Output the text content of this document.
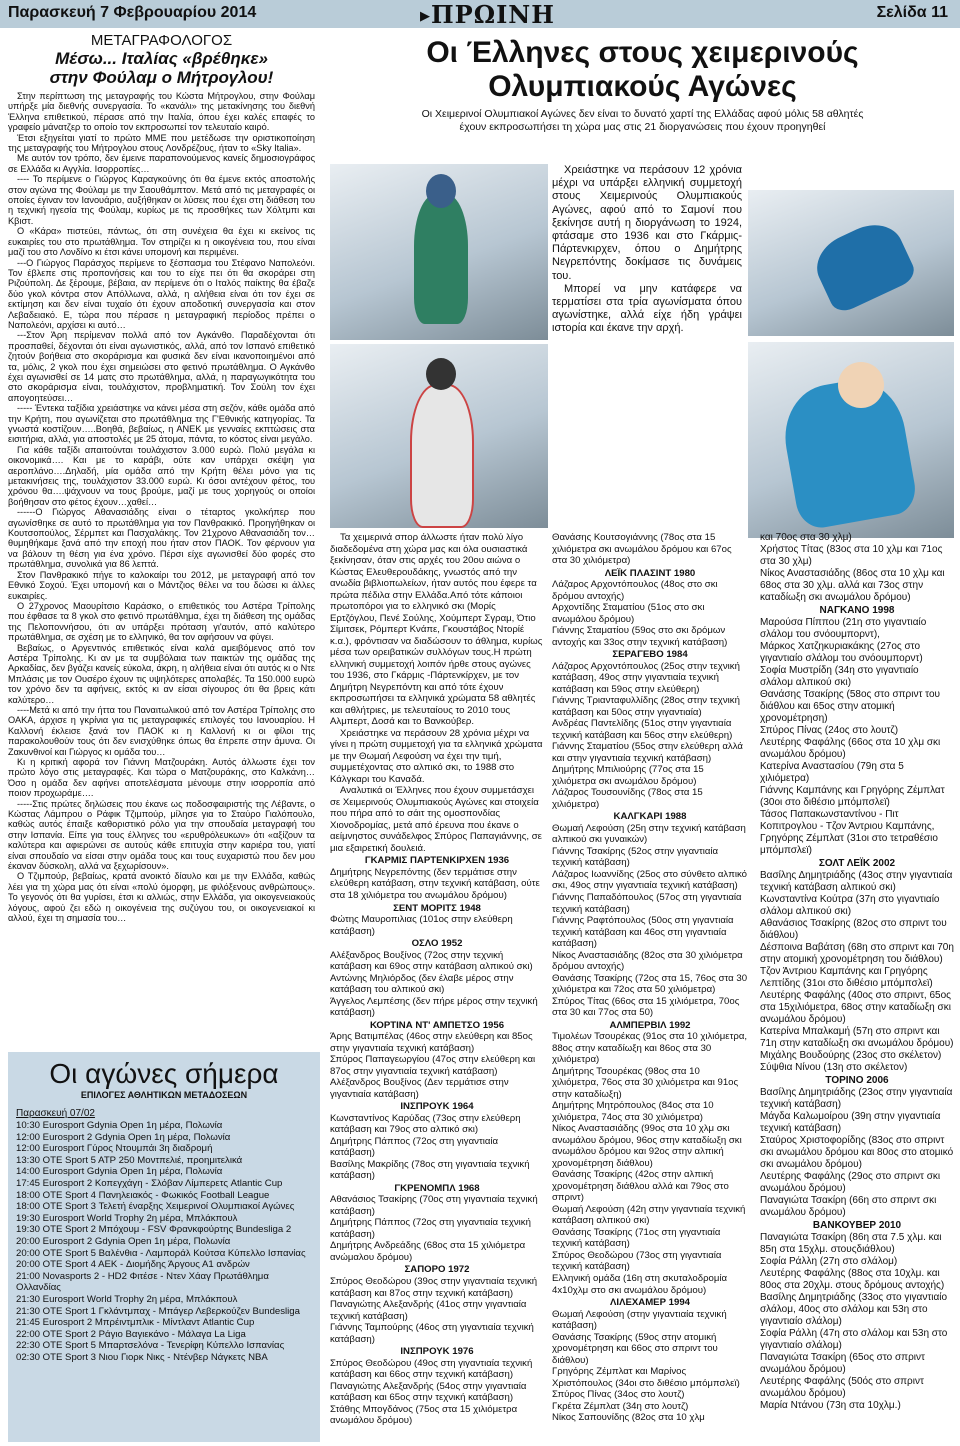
Παρασκευή 7 Φεβρουαρίου 2014	▶ΠΡΩΙΝΗ	Σελίδα 11
ΜΕΤΑΓΡΑΦΟΛΟΓΟΣ
Μέσω... Ιταλίας «βρέθηκε»
στην Φούλαμ ο Μήτρογλου!

Στην περίπτωση της μεταγραφής του Κώστα Μήτρογλου, στην Φούλαμ υπήρξε μία διεθνής συνεργασία. Το «κανάλι» της μετακίνησης του διεθνή Έλληνα επιθετικού, πέρασε από την Ιταλία, όπου έχει καλές επαφές το γραφείο μάνατζερ το οποίο τον εκπροσωπεί τον τελευταίο καιρό.

Έτσι εξηγείται γιατί το πρώτο ΜΜΕ που μετέδωσε την οριστικοποίηση της μεταγραφής του Μήτρογλου στους Λονδρέζους, ήταν το «Sky Italia».

Με αυτόν τον τρόπο, δεν έμεινε παραπονούμενος κανείς δημοσιογράφος σε Ελλάδα κι Αγγλία. Ισορροπίες…

---- Το περίμενε ο Γιώργος Καραγκούνης ότι θα έμενε εκτός αποστολής στον αγώνα της Φούλαμ με την Σαουθάμπτον. Μετά από τις μεταγραφές οι οποίες έγιναν τον Ιανουάριο, αυξήθηκαν οι λύσεις που έχει στη διάθεση του η τεχνική ηγεσία της Φούλαμ, κυρίως με τις προσθήκες των Χόλτμπι και Κβιστ.

Ο «Κάρα» πιστεύει, πάντως, ότι στη συνέχεια θα έχει κι εκείνος τις ευκαιρίες του στο πρωτάθλημα. Τον στηρίζει κι η οικογένεια του, που είναι μαζί του στο Λονδίνο κι έτσι κάνει υπομονή και περιμένει.

---Ο Γιώργος Παράσχος περίμενε το ξέσπασμα του Στέφανο Ναπολεόνι. Τον έβλεπε στις προπονήσεις και του το είχε πει ότι θα σκοράρει στη Ριζούπολη. Δε ξέρουμε, βέβαια, αν περίμενε ότι ο Ιταλός παίκτης θα έβαζε δύο γκολ κόντρα στον Απόλλωνα, αλλά, η αλήθεια είναι ότι τον έχει σε εκτίμηση και δεν είναι τυχαίο ότι έχουν αποδοτική συνεργασία και στον Λεβαδειακό. Ε, τώρα που πέρασε η μεταγραφική περίοδος πρέπει ο Ναπολεόνι, αρχίσει κι αυτό…

---Στον Άρη περίμεναν πολλά από τον Αγκάνθο. Παραδέχονται ότι προσπαθεί, δέχονται ότι είναι αγωνιστικός, αλλά, από τον Ισπανό επιθετικό ζητούν βοήθεια στο σκοράρισμα και φυσικά δεν είναι ικανοποιημένοι από τα, μόλις, 2 γκολ που έχει σημειώσει στο φετινό πρωτάθλημα. Ο Αγκάνθο έχει αγωνισθεί σε 14 ματς στο πρωτάθλημα, αλλά, η παραγωγικότητα του στο σκοράρισμα είναι, τουλάχιστον, προβληματική. Τον Σούλη τον έχει απογοητεύσει…

----- Έντεκα ταξίδια χρειάστηκε να κάνει μέσα στη σεζόν, κάθε ομάδα από την Κρήτη, που αγωνίζεται στο πρωτάθλημα της Γ'Εθνικής κατηγορίας. Τα γνωστά κοστίζουν…..Βοηθά, βεβαίως, η ΑΝΕΚ με γενναίες εκπτώσεις στα εισιτήρια, αλλά, για αποστολές με 25 άτομα, πάντα, το κόστος είναι μεγάλο.

Για κάθε ταξίδι απαιτούνται τουλάχιστον 3.000 ευρώ. Πολύ μεγάλα κι οικονομικά…. Και με το καράβι, ούτε καν υπάρχει σκέψη για αεροπλάνο….Δηλαδή, μία ομάδα από την Κρήτη θέλει μόνο για τις μετακινήσεις της, τουλάχιστον 33.000 ευρώ. Κι όσοι αντέχουν φέτος, του χρόνου θα….ψάχνουν να τους βρούμε, μαζί με τους χορηγούς οι οποίοι βοήθησαν στο φέτος έχουν…χαθεί…

------Ο Γιώργος Αθανασιάδης είναι ο τέταρτος γκολκήπερ που αγωνίσθηκε σε αυτό το πρωτάθλημα για τον Πανθρακικό. Προηγήθηκαν οι Κουτσοπούλος, Σέρμπετ και Πασχαλάκης. Τον 21χρονο Αθανασιάδη τον…θυμηθήκαμε ξανά από την εποχή που ήταν στον ΠΑΟΚ. Τον φέρνουν για να βάλουν τη θέση για ένα χρόνο. Πέρσι είχε αγωνισθεί δύο φορές στο πρωτάθλημα, συνολικά για 86 λεπτά.

Στον Πανθρακικό πήγε το καλοκαίρι του 2012, με μεταγραφή από τον Εθνικό Σοχού. Έχει υπομονή και ο Μάντζιος θέλει να του δώσει κι άλλες ευκαιρίες.

Ο 27χρονος Μαουρίτσιο Καράσκο, ο επιθετικός του Αστέρα Τρίπολης που έφθασε τα 8 γκολ στο φετινό πρωτάθλημα, έχει τη διάθεση της ομάδας της Πελοποννήσου, ότι αν υπάρξει πρόταση γι'αυτόν, από καλύτερο πρωτάθλημα, σε σχέση με το ελληνικό, θα τον αφήσουν να φύγει.

Βεβαίως, ο Αργεντινός επιθετικός είναι καλά αμειβόμενος από τον Αστέρα Τρίπολης. Κι αν με τα συμβόλαια των παικτών της ομάδας της Αρκαδίας, δεν βγάζει κανείς εύκολα, άκρη, η αλήθεια είναι ότι αυτός κι ο Ντε Μπλάσις με τον Ουσέρο έχουν τις υψηλότερες απολαβές. Τα 150.000 ευρώ τον χρόνο δεν τα αφήνεις, εκτός κι αν είσαι σίγουρος ότι θα βρεις κάτι καλύτερο…

----Μετά κι από την ήττα του Παναιτωλικού από τον Αστέρα Τρίπολης στο ΟΑΚΑ, άρχισε η γκρίνια για τις μεταγραφικές επιλογές του Ιανουαρίου. Η Καλλονή έκλεισε ξανά τον ΠΑΟΚ κι η Καλλονή κι οι φίλοι της παρακολουθούν τους ότι δεν ενισχύθηκε όπως θα έπρεπε στην άμυνα. Οι Ζακυνθινοί και Γιώργος κι ομάδα του…

Κι η κριτική αφορά τον Γιάννη Ματζουράκη. Αυτός άλλωστε έχει τον πρώτο λόγο στις μεταγραφές. Και τώρα ο Ματζουράκης, στο Καλκάνη… Όσο η ομάδα δεν αφήνει αποτελέσματα μένουμε στην ισορροπία από ποιον προχωράμε….

-----Στις πρώτες δηλώσεις που έκανε ως ποδοσφαιριστής της Λέβαντε, ο Κώστας Λάμπρου ο Ράφικ Τζιμπούρ, μίλησε για το Σταύρο Γιαλόπουλο, καθώς αυτός έπαιξε καθοριστικό ρόλο για την σπουδαία μεταγραφή του στην Ισπανία. Είπε για τους έλληνες του «ερυθρόλευκων» ότι «αξίζουν τα καλύτερα και αφιερώνει σε αυτούς κάθε επιτυχία στην καριέρα του, γιατί είναι σπουδαίο να είσαι στην ομάδα τους και τους ευχαριστώ που δεν μου έκαναν δύσκολη, αλλά να ξεχωρίσουν».

Ο Τζιμπούρ, βεβαίως, κρατά ανοικτό δίαυλο και με την Ελλάδα, καθώς λέει για τη χώρα μας ότι είναι «πολύ όμορφη, με φιλόξενους ανθρώπους». Το γεγονός ότι θα γυρίσει, έτσι κι αλλιώς, στην Ελλάδα, για οικογενειακούς λόγους, αφού ζει εδώ η οικογένεια της συζύγου του, οι οικογενειακοί κι αλλού, έχει τη σημασία του…

Οι αγώνες σήμερα
ΕΠΙΛΟΓΕΣ ΑΘΛΗΤΙΚΩΝ ΜΕΤΑΔΟΣΕΩΝ
Παρασκευή 07/02
10:30 Eurosport Gdynia Open 1η μέρα, Πολωνία
12:00 Eurosport 2 Gdynia Open 1η μέρα, Πολωνία
12:00 Eurosport Γύρος Ντουμπάι 3η διαδρομή
13:30 OTE Sport 5 ATP 250 Μοντπελιέ, προημιτελικά
14:00 Eurosport Gdynia Open 1η μέρα, Πολωνία
17:45 Eurosport 2 Κοπεγχάγη - Σλόβαν Λίμπερετς Atlantic Cup
18:00 OTE Sport 4 Πανηλειακός - Φωκικός Football League
18:00 OTE Sport 3 Τελετή έναρξης Χειμερινοί Ολυμπιακοί Αγώνες
19:30 Eurosport World Trophy 2η μέρα, Μπλάκπουλ
19:30 OTE Sport 2 Μπόχουμ - FSV Φρανκφούρτης Bundesliga 2
20:00 Eurosport 2 Gdynia Open 1η μέρα, Πολωνία
20:00 OTE Sport 5 Βαλένθια - Λαμποράλ Κούτσα Κύπελλο Ισπανίας
20:00 OTE Sport 4 AEK - Διομήδης Άργους Α1 ανδρών
21:00 Novasports 2 - HD2 Φιτέσε - Ντεν Χάαγ Πρωτάθλημα Ολλανδίας
21:30 Eurosport World Trophy 2η μέρα, Μπλάκπουλ
21:30 OTE Sport 1 Γκλάντμπαχ - Μπάγερ Λεβερκούζεν Bundesliga
21:45 Eurosport 2 Μπρέιντμπλικ - Μίντλαντ Atlantic Cup
22:00 OTE Sport 2 Ράγιο Βαγιεκάνο - Μάλαγα La Liga
22:30 OTE Sport 5 Μπαρτσελόνα - Τενερίφη Κύπελλο Ισπανίας
02:30 OTE Sport 3 Νιου Γιορκ Νικς - Ντένβερ Νάγκετς NBA
Οι Έλληνες στους χειμερινούς
Ολυμπιακούς Αγώνες
Οι Χειμερινοί Ολυμπιακοί Αγώνες δεν είναι το δυνατό χαρτί της Ελλάδας αφού μόλις 58 αθλητές
έχουν εκπροσωπήσει τη χώρα μας στις 21 διοργανώσεις που έχουν προηγηθεί

Χρειάστηκε να περάσουν 12 χρόνια μέχρι να υπάρξει ελληνική συμμετοχή στους Χειμερινούς Ολυμπιακούς Αγώνες, αφού από το Σαμονί που ξεκίνησε αυτή η διοργάνωση το 1924, φτάσαμε στο 1936 και στο Γκάρμις-Πάρτενκιρχεν, όπου ο Δημήτρης Νεγρεπόντης δοκίμασε τις δυνάμεις του.

Μπορεί να μην κατάφερε να τερματίσει στα τρία αγωνίσματα όπου αγωνίστηκε, αλλά είχε ήδη γράψει ιστορία και έκανε την αρχή.

Τα χειμερινά σπορ άλλωστε ήταν πολύ λίγο διαδεδομένα στη χώρα μας και όλα ουσιαστικά ξεκίνησαν, όταν στις αρχές του 20ου αιώνα ο Κώστας Ελευθερουδάκης, γνωστός από την ανωδία βιβλιοπωλείων, ήταν αυτός που έφερε τα πρώτα πέδιλα στην Ελλάδα.Από τότε κάποιοι πρωτοπόροι για το ελληνικό σκι (Μορίς Ερτζόγλου, Πενέ Σούλης, Χούμπερτ Σγραμ, Ότιο Σίμιτσεκ, Ρόμπερτ Κνάπε, Γκουστάβος Ντορίέ κ.α.), φρόντισαν να διαδώσουν το άθλημα, κυρίως μέσα των ορειβατικών συλλόγων τους.Η πρώτη ελληνική συμμετοχή λοιπόν ήρθε στους αγώνες του 1936, στο Γκάρμις -Πάρτενκίρχεν, με τον Δημήτρη Νεγρεπόντη και από τότε έχουν εκπροσωπήσει τα ελληνικά χρώματα 58 αθλητές και αθλήτριες, με τελευταίους το 2010 τους Αλμπερτ, Δοσά και το Βανκούβερ.

Χρειάστηκε να περάσουν 28 χρόνια μέχρι να γίνει η πρώτη συμμετοχή για τα ελληνικά χρώματα με την Θωμαή Λεφούση να έχει την τιμή, συμμετέχοντας στο αλπικό σκι, το 1988 στο Κάλγκαρι του Καναδά.

Αναλυτικά οι Έλληνες που έχουν συμμετάσχει σε Χειμερινούς Ολυμπιακούς Αγώνες και στοιχεία που πήρα από το σάιτ της ομοσπονδίας Χιονοδρομίας, μετά από έρευνα που έκανε ο αείμνηστος συνάδελφος Σπύρος Παπαγιάννης, σε μια εξαιρετική δουλειά.

ΓΚΑΡΜΙΣ ΠΑΡΤΕΝΚΙΡΧΕΝ 1936

Δημήτρης Νεγρεπόντης (δεν τερμάτισε στην ελεύθερη κατάβαση, στην τεχνική κατάβαση, ούτε στα 18 χιλιόμετρα του ανωμάλου δρόμου)

ΣΕΝΤ ΜΟΡΙΤΣ 1948

Φώτης Μαυροπιλιας (101ος στην ελεύθερη κατάβαση)

ΟΣΛΟ 1952

Αλέξανδρος Βουξίνος (72ος στην τεχνική κατάβαση και 69ος στην κατάβαση αλπικού σκι)

Αντώνης Μηλιόρδος (δεν έλαβε μέρος στην κατάβαση του αλπικού σκι)

Άγγελος Λεμπέσης (δεν πήρε μέρος στην τεχνική κατάβαση)

ΚΟΡΤΙΝΑ ΝΤ' ΑΜΠΕΤΣΟ 1956

Άρης Βατιμπέλας (46ος στην ελεύθερη και 85ος στην γιγαντιαία τεχνική κατάβαση)

Σπύρος Παπαγεωργίου (47ος στην ελεύθερη και 87ος στην γιγαντιαία τεχνική κατάβαση)

Αλέξανδρος Βουξίνος (Δεν τερμάτισε στην γιγαντιαία κατάβαση)

ΙΝΣΠΡΟΥΚ 1964

Κωνσταντίνος Καρύδας (73ος στην ελεύθερη κατάβαση και 79ος στο αλπικό σκι)

Δημήτρης Πάππος (72ος στη γιγαντιαία κατάβαση)

Βασίλης Μακρίδης (78ος στη γιγαντιαία τεχνική κατάβαση)

ΓΚΡΕΝΟΜΠΛ 1968

Αθανάσιος Τσακίρης (70ος στη γιγαντιαία τεχνική κατάβαση)

Δημήτρης Πάππος (72ος στη γιγαντιαία τεχνική κατάβαση)

Δημήτρης Ανδρεάδης (68ος στα 15 χιλιόμετρα ανώμαλου δρόμου)

ΣΑΠΟΡΟ 1972

Σπύρος Θεοδώρου (39ος στην γιγαντιαία τεχνική κατάβαση και 87ος στην τεχνική κατάβαση)

Παναγιώτης Αλεξανδρής (41ος στην γιγαντιαία τεχνική κατάβαση)

Γιάννης Ταμπούρης (46ος στη γιγαντιαία τεχνική κατάβαση)

ΙΝΣΠΡΟΥΚ 1976

Σπύρος Θεοδώρου (49ος στη γιγαντιαία τεχνική κατάβαση και 66ος στην τεχνική κατάβαση)

Παναγιώτης Αλεξανδρής (54ος στην γιγαντιαία κατάβαση και 65ος στην τεχνική κατάβαση)

Στάθης Μπογδάνος (75ος στα 15 χιλιόμετρα ανωμάλου δρόμου)

Θανάσης Κουτσογιάννης (78ος στα 15 χιλιόμετρα σκι ανωμάλου δρόμου και 67ος στα 30 χιλιόμετρα)

ΛΕΪΚ ΠΛΑΣΙΝΤ 1980

Λάζαρος Αρχοντόπουλος (48ος στο σκι δρόμου αντοχής)

Αρχοντίδης Σταματίου (51ος στο σκι ανωμάλου δρόμου)

Γιάννης Σταματίου (59ος στο σκι δρόμων αντοχής και 33ος στην τεχνική κατάβαση)

ΣΕΡΑΓΕΒΟ 1984

Λάζαρος Αρχοντόπουλος (25ος στην τεχνική κατάβαση, 49ος στην γιγαντιαία τεχνική κατάβαση και 59ος στην ελεύθερη)

Γιάννης Τριανταφυλλίδης (28ος στην τεχνική κατάβαση και 50ος στην γιγαντιαία)

Ανδρέας Παντελίδης (51ος στην γιγαντιαία τεχνική κατάβαση και 56ος στην ελεύθερη)

Γιάννης Σταματίου (55ος στην ελεύθερη αλλά και στην γιγαντιαία τεχνική κατάβαση)

Δημήτρης Μπιλιούρης (77ος στα 15 χιλιόμετρα σκι ανωμάλου δρόμου)

Λάζαρος Τουσουνίδης (78ος στα 15 χιλιόμετρα)

ΚΑΛΓΚΑΡΙ 1988

Θωμαή Λεφούση (25η στην τεχνική κατάβαση αλπικού σκι γυναικών)

Γιάννης Τσακίρης (52ος στην γιγαντιαία τεχνική κατάβαση)

Λάζαρος Ιωαννίδης (25ος στο σύνθετο αλπικό σκι, 49ος στην γιγαντιαία τεχνική κατάβαση)

Γιάννης Παπαδόπουλος (57ος στη γιγαντιαία τεχνική κατάβαση)

Γιάννης Ραφτόπουλος (50ος στη γιγαντιαία τεχνική κατάβαση και 46ος στη γιγαντιαία κατάβαση)

Νίκος Αναστασιάδης (82ος στα 30 χιλιόμετρα δρόμου αντοχής)

Θανάσης Τσακίρης (72ος στα 15, 76ος στα 30 χιλιόμετρα και 72ος στα 50 χιλιόμετρα)

Σπύρος Τίτας (66ος στα 15 χιλιόμετρα, 70ος στα 30 και 77ος στα 50)

ΑΛΜΠΕΡΒΙΛ 1992

Τιμολέων Τσουρέκας (91ος στα 10 χιλιόμετρα, 88ος στην καταδίωξη και 86ος στα 30 χιλιόμετρα)

Δημήτρης Τσουρέκας (98ος στα 10 χιλιόμετρα, 76ος στα 30 χιλιόμετρα και 91ος στην καταδίωξη)

Δημήτρης Μητρόπουλος (84ος στα 10 χιλιόμετρα, 74ος στα 30 χιλιόμετρα)

Νίκος Αναστασιάδης (99ος στα 10 χλμ σκι ανωμάλου δρόμου, 96ος στην καταδίωξη σκι ανωμάλου δρόμου και 92ος στην αλπική χρονομέτρηση διάθλου)

Θανάσης Τσακίρης (42ος στην αλπική χρονομέτρηση διάθλου αλλά και 79ος στο σπριντ)

Θωμαή Λεφούση (42η στην γιγαντιαία τεχνική κατάβαση αλπικού σκι)

Θανάσης Τσακίρης (71ος στη γιγαντιαία τεχνική κατάβαση)

Σπύρος Θεοδώρου (73ος στη γιγαντιαία τεχνική κατάβαση)

Ελληνική ομάδα (16η στη σκυταλοδρομία 4x10χλμ στο σκι ανωμάλου δρόμου)

ΛΙΛΕΧΑΜΕΡ 1994

Θωμαή Λεφούση (στην γιγαντιαία τεχνική κατάβαση)

Θανάσης Τσακίρης (59ος στην ατομική χρονομέτρηση και 66ος στο σπριντ του διάθλου)

Γρηγόρης Ζέμπλατ και Μαρίνος Χριστόπουλος (34οι στο διθέσιο μπόμπσλεϊ)

Σπύρος Πίνας (34ος στο λουτζ)

Γκρέτα Ζέμπλατ (34η στο λουτζ)

Νίκος Σαπουνίδης (82ος στα 10 χλμ

και 70ος στα 30 χλμ)

Χρήστος Τίτας (83ος στα 10 χλμ και 71ος στα 30 χλμ)

Νίκος Αναστασιάδης (86ος στα 10 χλμ και 68ος στα 30 χλμ. αλλά και 73ος στην καταδίωξη σκι ανωμάλου δρόμου)

ΝΑΓΚΑΝΟ 1998

Μαρούσα Πίππου (21η στο γιγαντιαίο σλάλομ του σνόουμπορντ),

Μάρκος Χατζηκυριακάκης (27ος στο γιγαντιαίο σλάλομ του σνόουμπορντ)

Σοφία Μυστρίδη (34η στο γιγαντιαίο σλάλομ αλπικού σκι)

Θανάσης Τσακίρης (58ος στο σπριντ του διάθλου και 65ος στην ατομική χρονομέτρηση)

Σπύρος Πίνας (24ος στο λουτζ)

Λευτέρης Φαφάλης (66ος στα 10 χλμ σκι ανωμάλου δρόμου)

Κατερίνα Αναστασίου (79η στα 5 χιλιόμετρα)

Γιάννης Καμπάνης και Γρηγόρης Ζέμπλατ (30οι στο διθέσιο μπόμπσλεϊ)

Τάσος Παπακωνσταντίνου - Πιτ Κοπιτρογλου - Τζον Άντριου Καμπάνης, Γρηγόρης Ζέμπλατ (31οι στο τετραθέσιο μπόμπσλεϊ)

ΣΟΛΤ ΛΕΪΚ 2002

Βασίλης Δημητριάδης (43ος στην γιγαντιαία τεχνική κατάβαση αλπικού σκι)

Κωνσταντίνα Κούτρα (37η στο γιγαντιαίο σλάλομ αλπικού σκι)

Αθανάσιος Τσακίρης (82ος στο σπριντ του διάθλου)

Δέσποινα Βαβάτση (68η στο σπριντ και 70η στην ατομική χρονομέτρηση του διάθλου)

Τζον Άντριου Καμπάνης και Γρηγόρης Λεπτίδης (31οι στο διθέσιο μπόμπσλεϊ)

Λευτέρης Φαφάλης (40ος στο σπριντ, 65ος στα 15χιλιόμετρα, 68ος στην καταδίωξη σκι ανωμάλου δρόμου)

Κατερίνα Μπαλκαμή (57η στο σπριντ και 71η στην καταδίωξη σκι ανωμάλου δρόμου)

Μιχάλης Βουδούρης (23ος στο σκέλετον)

Σύψθια Νίνου (13η στο σκέλετον)

ΤΟΡΙΝΟ 2006

Βασίλης Δημητριάδης (23ος στην γιγαντιαία τεχνική κατάβαση)

Μάγδα Καλωμοίρου (39η στην γιγαντιαία τεχνική κατάβαση)

Σταύρος Χριστοφορίδης (83ος στο σπριντ σκι ανωμάλου δρόμου και 80ος στο ατομικό σκι ανωμάλου δρόμου)

Λευτέρης Φαφάλης (29ος στο σπριντ σκι ανωμάλου δρόμου)

Παναγιώτα Τσακίρη (66η στο σπριντ σκι ανωμάλου δρόμου)

ΒΑΝΚΟΥΒΕΡ 2010

Παναγιώτα Τσακίρη (86η στα 7.5 χλμ. και 85η στα 15χλμ. στουςδιάθλου)

Σοφία Ράλλη (27η στο σλάλομ)

Λευτέρης Φαφάλης (88ος στα 10χλμ. και 80ος στα 20χλμ. στους δρόμους αντοχής)

Βασίλης Δημητριάδης (33ος στο γιγαντιαίο σλάλομ, 40ος στο σλάλομ και 53η στο γιγαντιαίο σλάλομ)

Σοφία Ράλλη (47η στο σλάλομ και 53η στο γιγαντιαίο σλάλομ)

Παναγιώτα Τσακίρη (65ος στο σπριντ ανωμάλου δρόμου)

Λευτέρης Φαφάλης (50ός στο σπριντ ανωμάλου δρόμου)

Μαρία Ντάνου (73η στα 10χλμ.)
